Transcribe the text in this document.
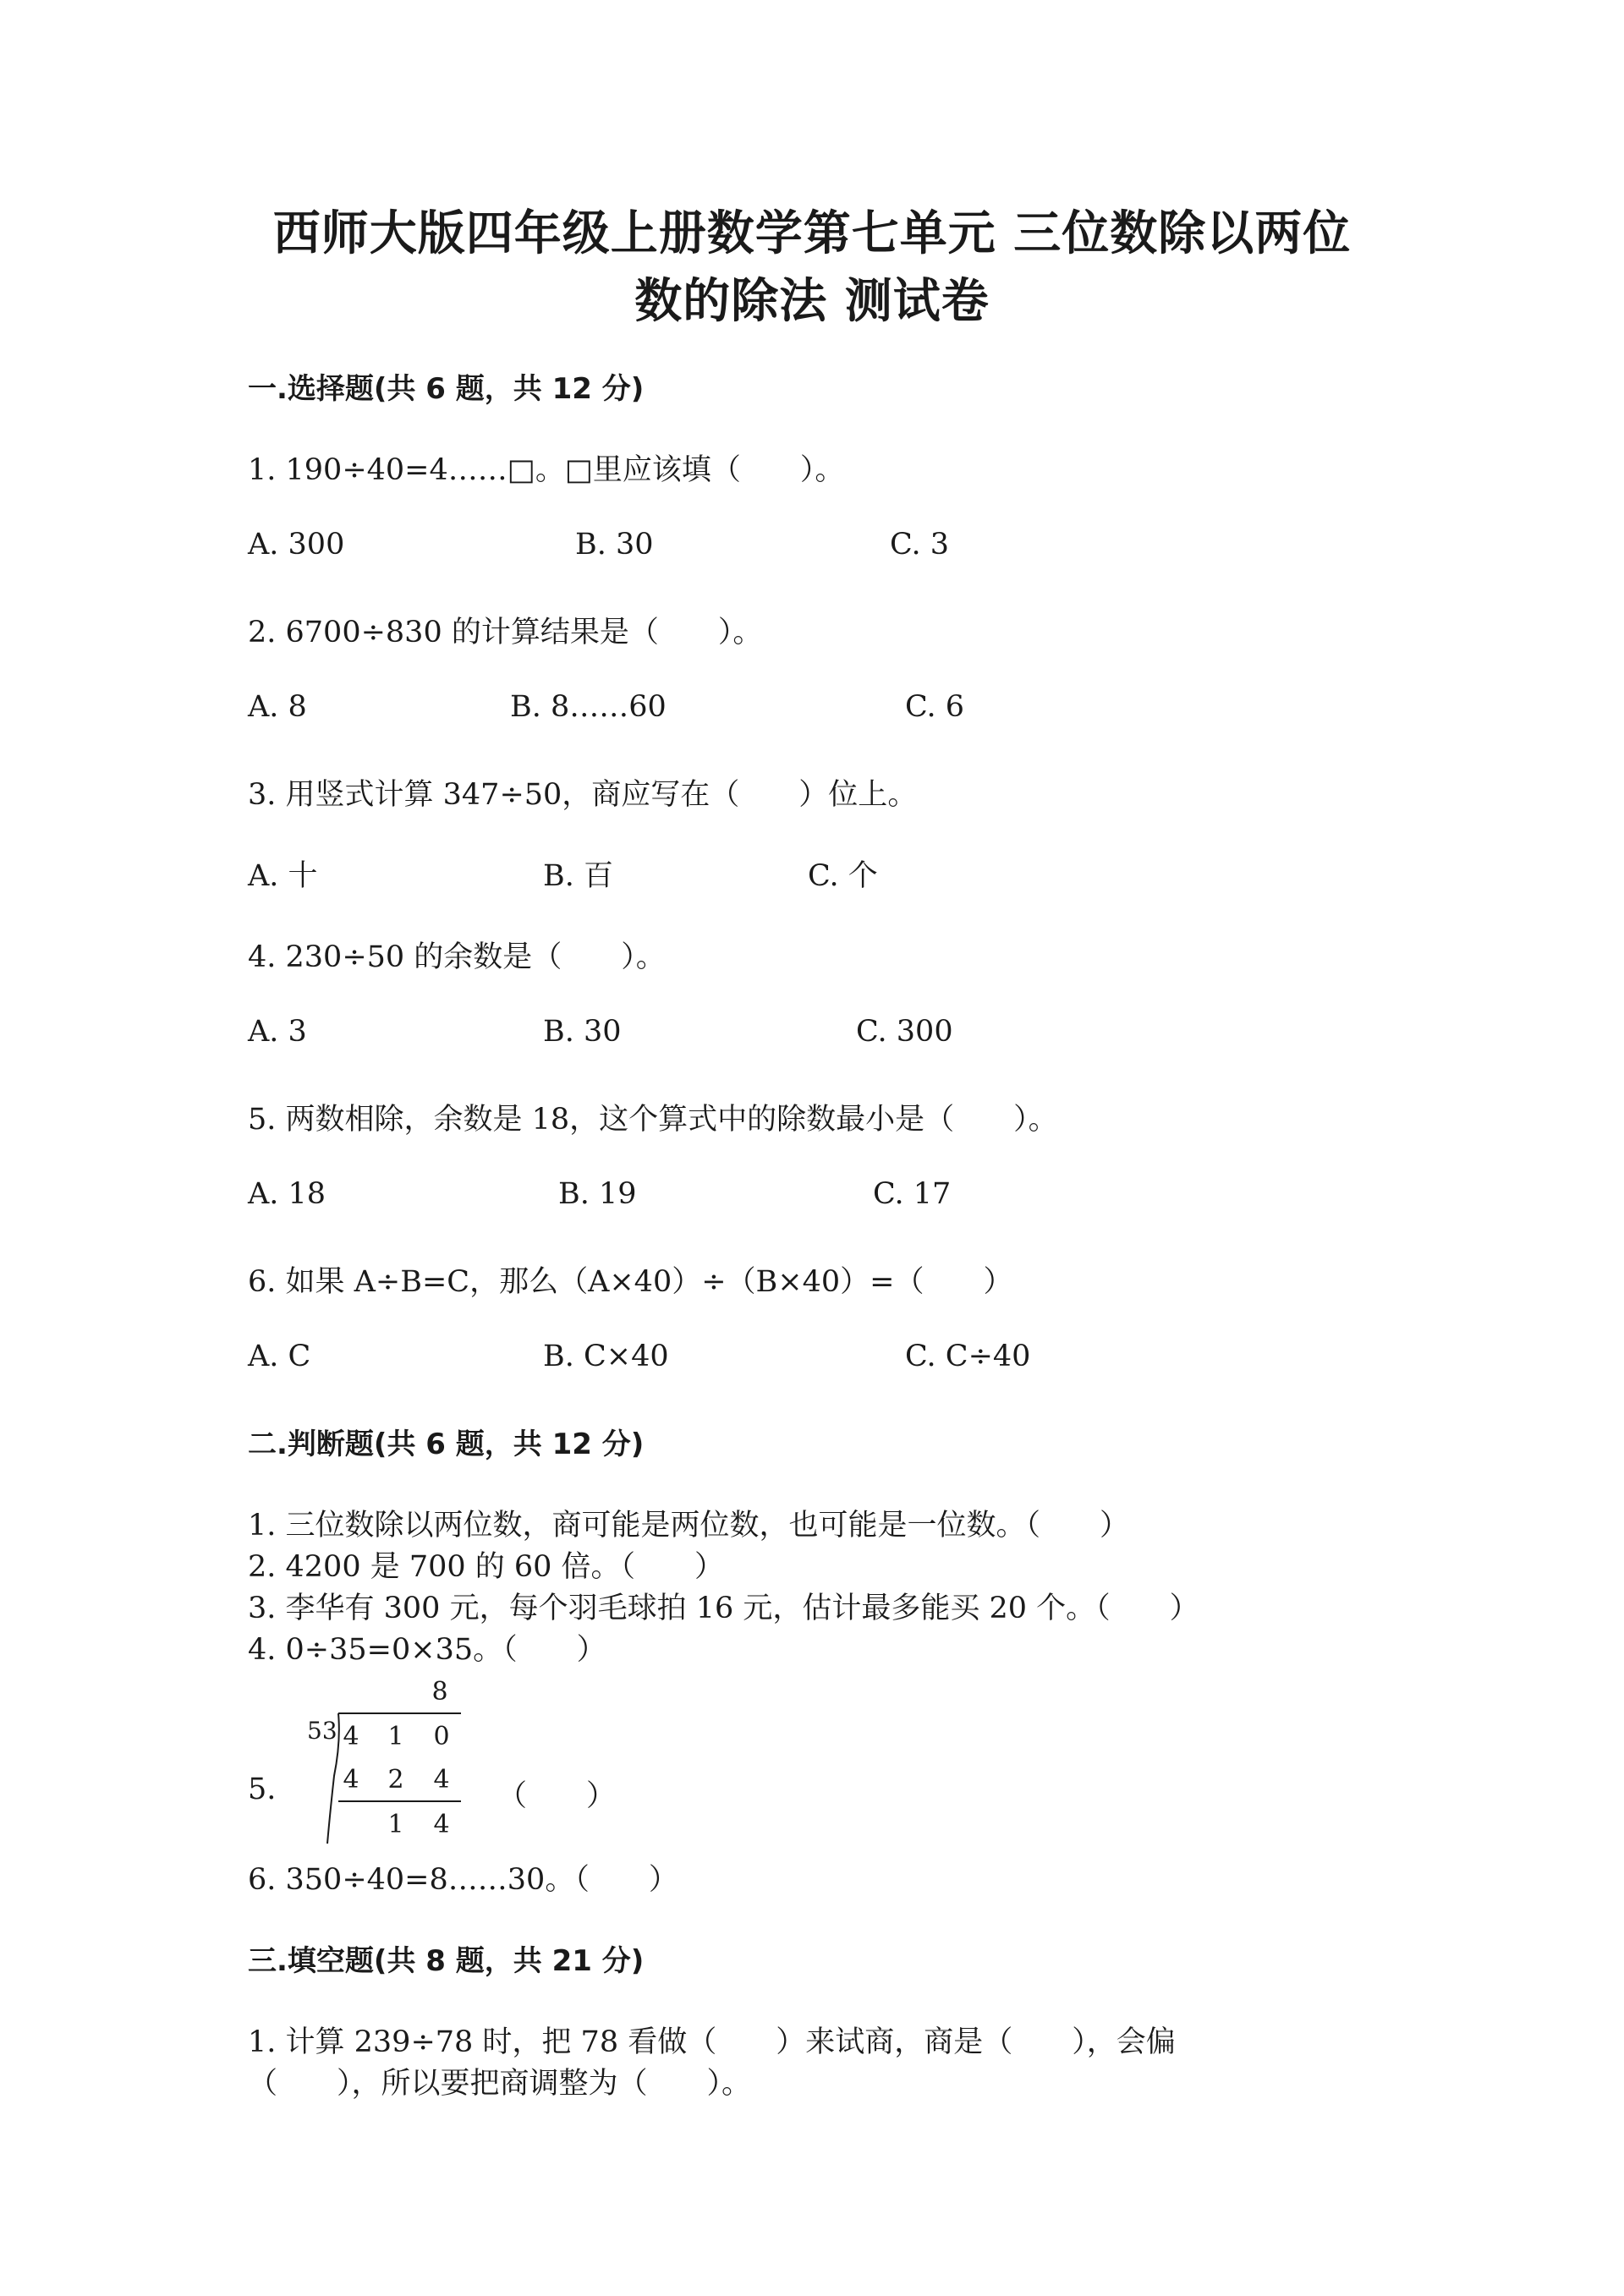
西师大版四年级上册数学第七单元 三位数除以两位
数的除法 测试卷
一.选择题(共 6 题，共 12 分)
1. 190÷40=4……□。□里应该填（　　）。
A. 300	B. 30	C. 3
2. 6700÷830 的计算结果是（　　）。
A. 8	B. 8……60	C. 6
3. 用竖式计算 347÷50，商应写在（　　）位上。
A. 十	B. 百	C. 个
4. 230÷50 的余数是（　　）。
A. 3	B. 30	C. 300
5. 两数相除，余数是 18，这个算式中的除数最小是（　　）。
A. 18	B. 19	C. 17
6. 如果 A÷B=C，那么（A×40）÷（B×40）=（　　）
A. C	B. C×40	C. C÷40
二.判断题(共 6 题，共 12 分)
1. 三位数除以两位数，商可能是两位数，也可能是一位数。（　　）
2. 4200 是 700 的 60 倍。（　　）
3. 李华有 300 元，每个羽毛球拍 16 元，估计最多能买 20 个。（　　）
4. 0÷35=0×35。（　　）
5.
8
53 4 1 0
4 2 4
1 4
（　　）
6. 350÷40=8……30。（　　）
三.填空题(共 8 题，共 21 分)
1. 计算 239÷78 时，把 78 看做（　　）来试商，商是（　　），会偏
（　　），所以要把商调整为（　　）。
